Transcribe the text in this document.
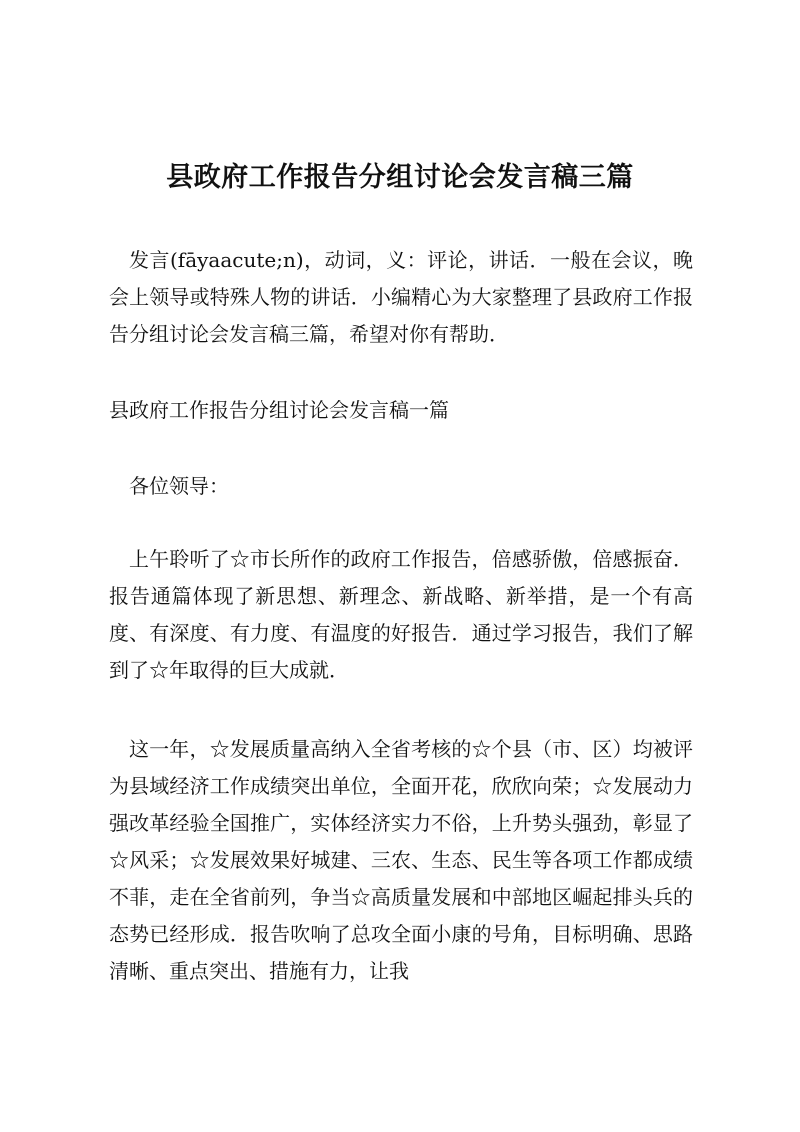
县政府工作报告分组讨论会发言稿三篇

发言(fāyaacute;n)，动词，义：评论，讲话．一般在会议，晚会上领导或特殊人物的讲话．小编精心为大家整理了县政府工作报告分组讨论会发言稿三篇，希望对你有帮助．

县政府工作报告分组讨论会发言稿一篇

各位领导：

上午聆听了☆市长所作的政府工作报告，倍感骄傲，倍感振奋．报告通篇体现了新思想、新理念、新战略、新举措，是一个有高度、有深度、有力度、有温度的好报告．通过学习报告，我们了解到了☆年取得的巨大成就．

这一年，☆发展质量高纳入全省考核的☆个县（市、区）均被评为县域经济工作成绩突出单位，全面开花，欣欣向荣；☆发展动力强改革经验全国推广，实体经济实力不俗，上升势头强劲，彰显了☆风采；☆发展效果好城建、三农、生态、民生等各项工作都成绩不菲，走在全省前列，争当☆高质量发展和中部地区崛起排头兵的态势已经形成．报告吹响了总攻全面小康的号角，目标明确、思路清晰、重点突出、措施有力，让我
